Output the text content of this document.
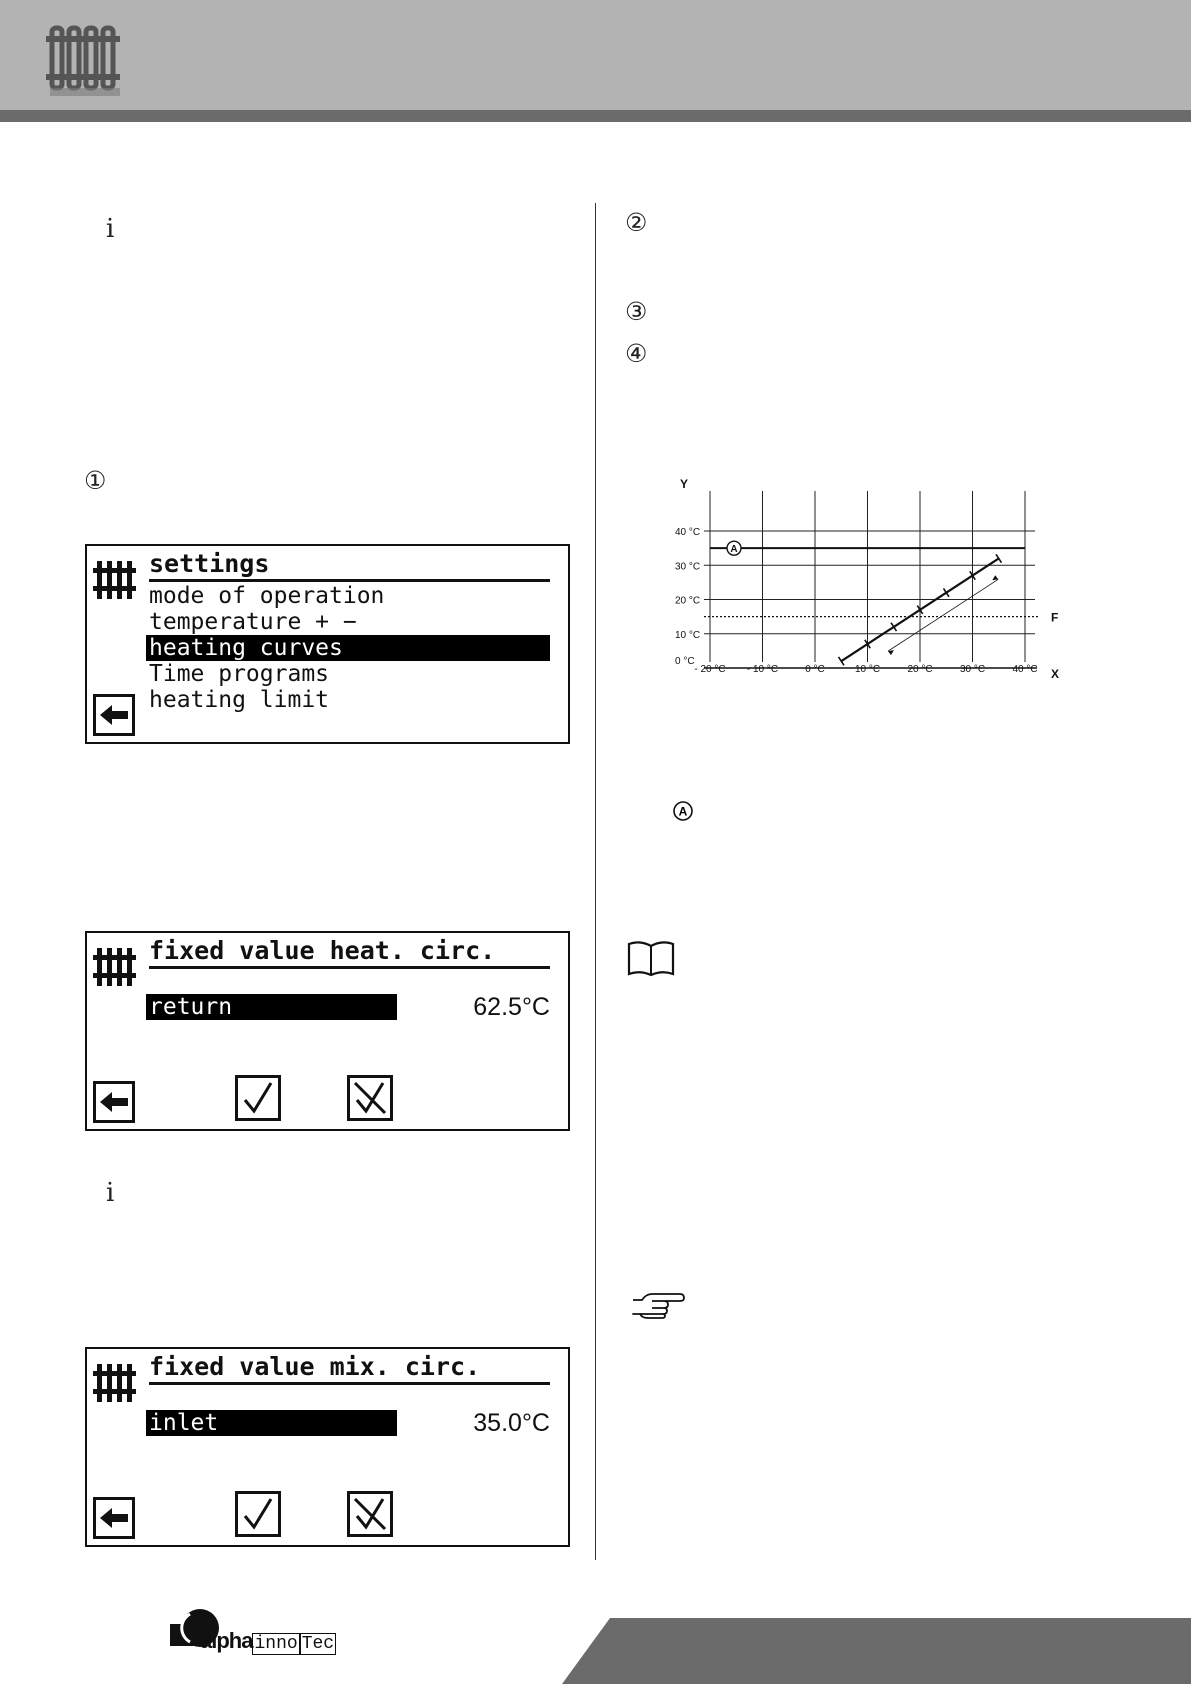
ⅰ
①
settings
mode of operation
temperature + −
heating curves
Time programs
heating limit
fixed value heat. circ.
return	62.5°C
ⅰ
fixed value mix. circ.
inlet	35.0°C
②
③
④
- 20 °C - 10 °C	0 °C	10 °C	20 °C	30 °C	40 °C
0 °C
10 °C
20 °C
30 °C
40 °C
Y
X
A
F
A
alpha inno Tec
